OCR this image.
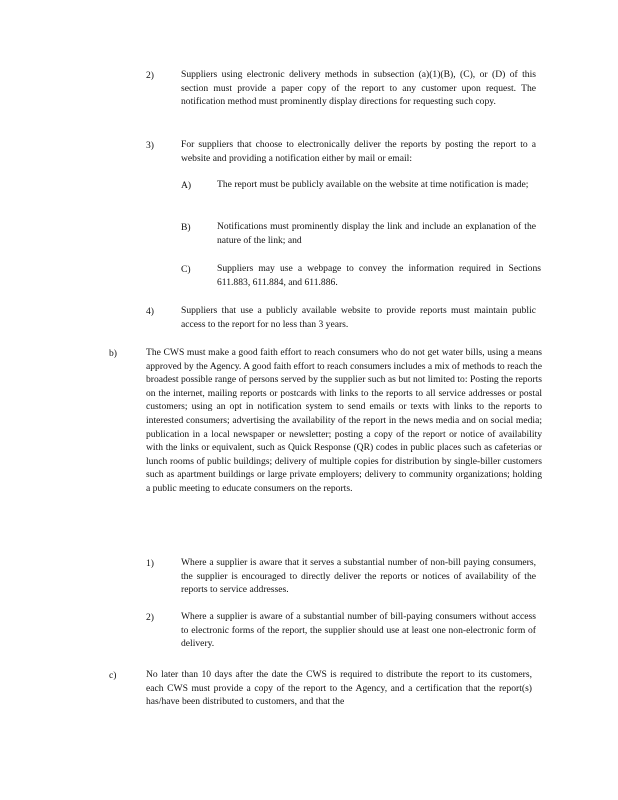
2)	Suppliers using electronic delivery methods in subsection (a)(1)(B), (C), or (D) of this section must provide a paper copy of the report to any customer upon request. The notification method must prominently display directions for requesting such copy.
3)	For suppliers that choose to electronically deliver the reports by posting the report to a website and providing a notification either by mail or email:
A)	The report must be publicly available on the website at time notification is made;
B)	Notifications must prominently display the link and include an explanation of the nature of the link; and
C)	Suppliers may use a webpage to convey the information required in Sections 611.883, 611.884, and 611.886.
4)	Suppliers that use a publicly available website to provide reports must maintain public access to the report for no less than 3 years.
b)	The CWS must make a good faith effort to reach consumers who do not get water bills, using a means approved by the Agency. A good faith effort to reach consumers includes a mix of methods to reach the broadest possible range of persons served by the supplier such as but not limited to: Posting the reports on the internet, mailing reports or postcards with links to the reports to all service addresses or postal customers; using an opt in notification system to send emails or texts with links to the reports to interested consumers; advertising the availability of the report in the news media and on social media; publication in a local newspaper or newsletter; posting a copy of the report or notice of availability with the links or equivalent, such as Quick Response (QR) codes in public places such as cafeterias or lunch rooms of public buildings; delivery of multiple copies for distribution by single-biller customers such as apartment buildings or large private employers; delivery to community organizations; holding a public meeting to educate consumers on the reports.
1)	Where a supplier is aware that it serves a substantial number of non-bill paying consumers, the supplier is encouraged to directly deliver the reports or notices of availability of the reports to service addresses.
2)	Where a supplier is aware of a substantial number of bill-paying consumers without access to electronic forms of the report, the supplier should use at least one non-electronic form of delivery.
c)	No later than 10 days after the date the CWS is required to distribute the report to its customers, each CWS must provide a copy of the report to the Agency, and a certification that the report(s) has/have been distributed to customers, and that the
